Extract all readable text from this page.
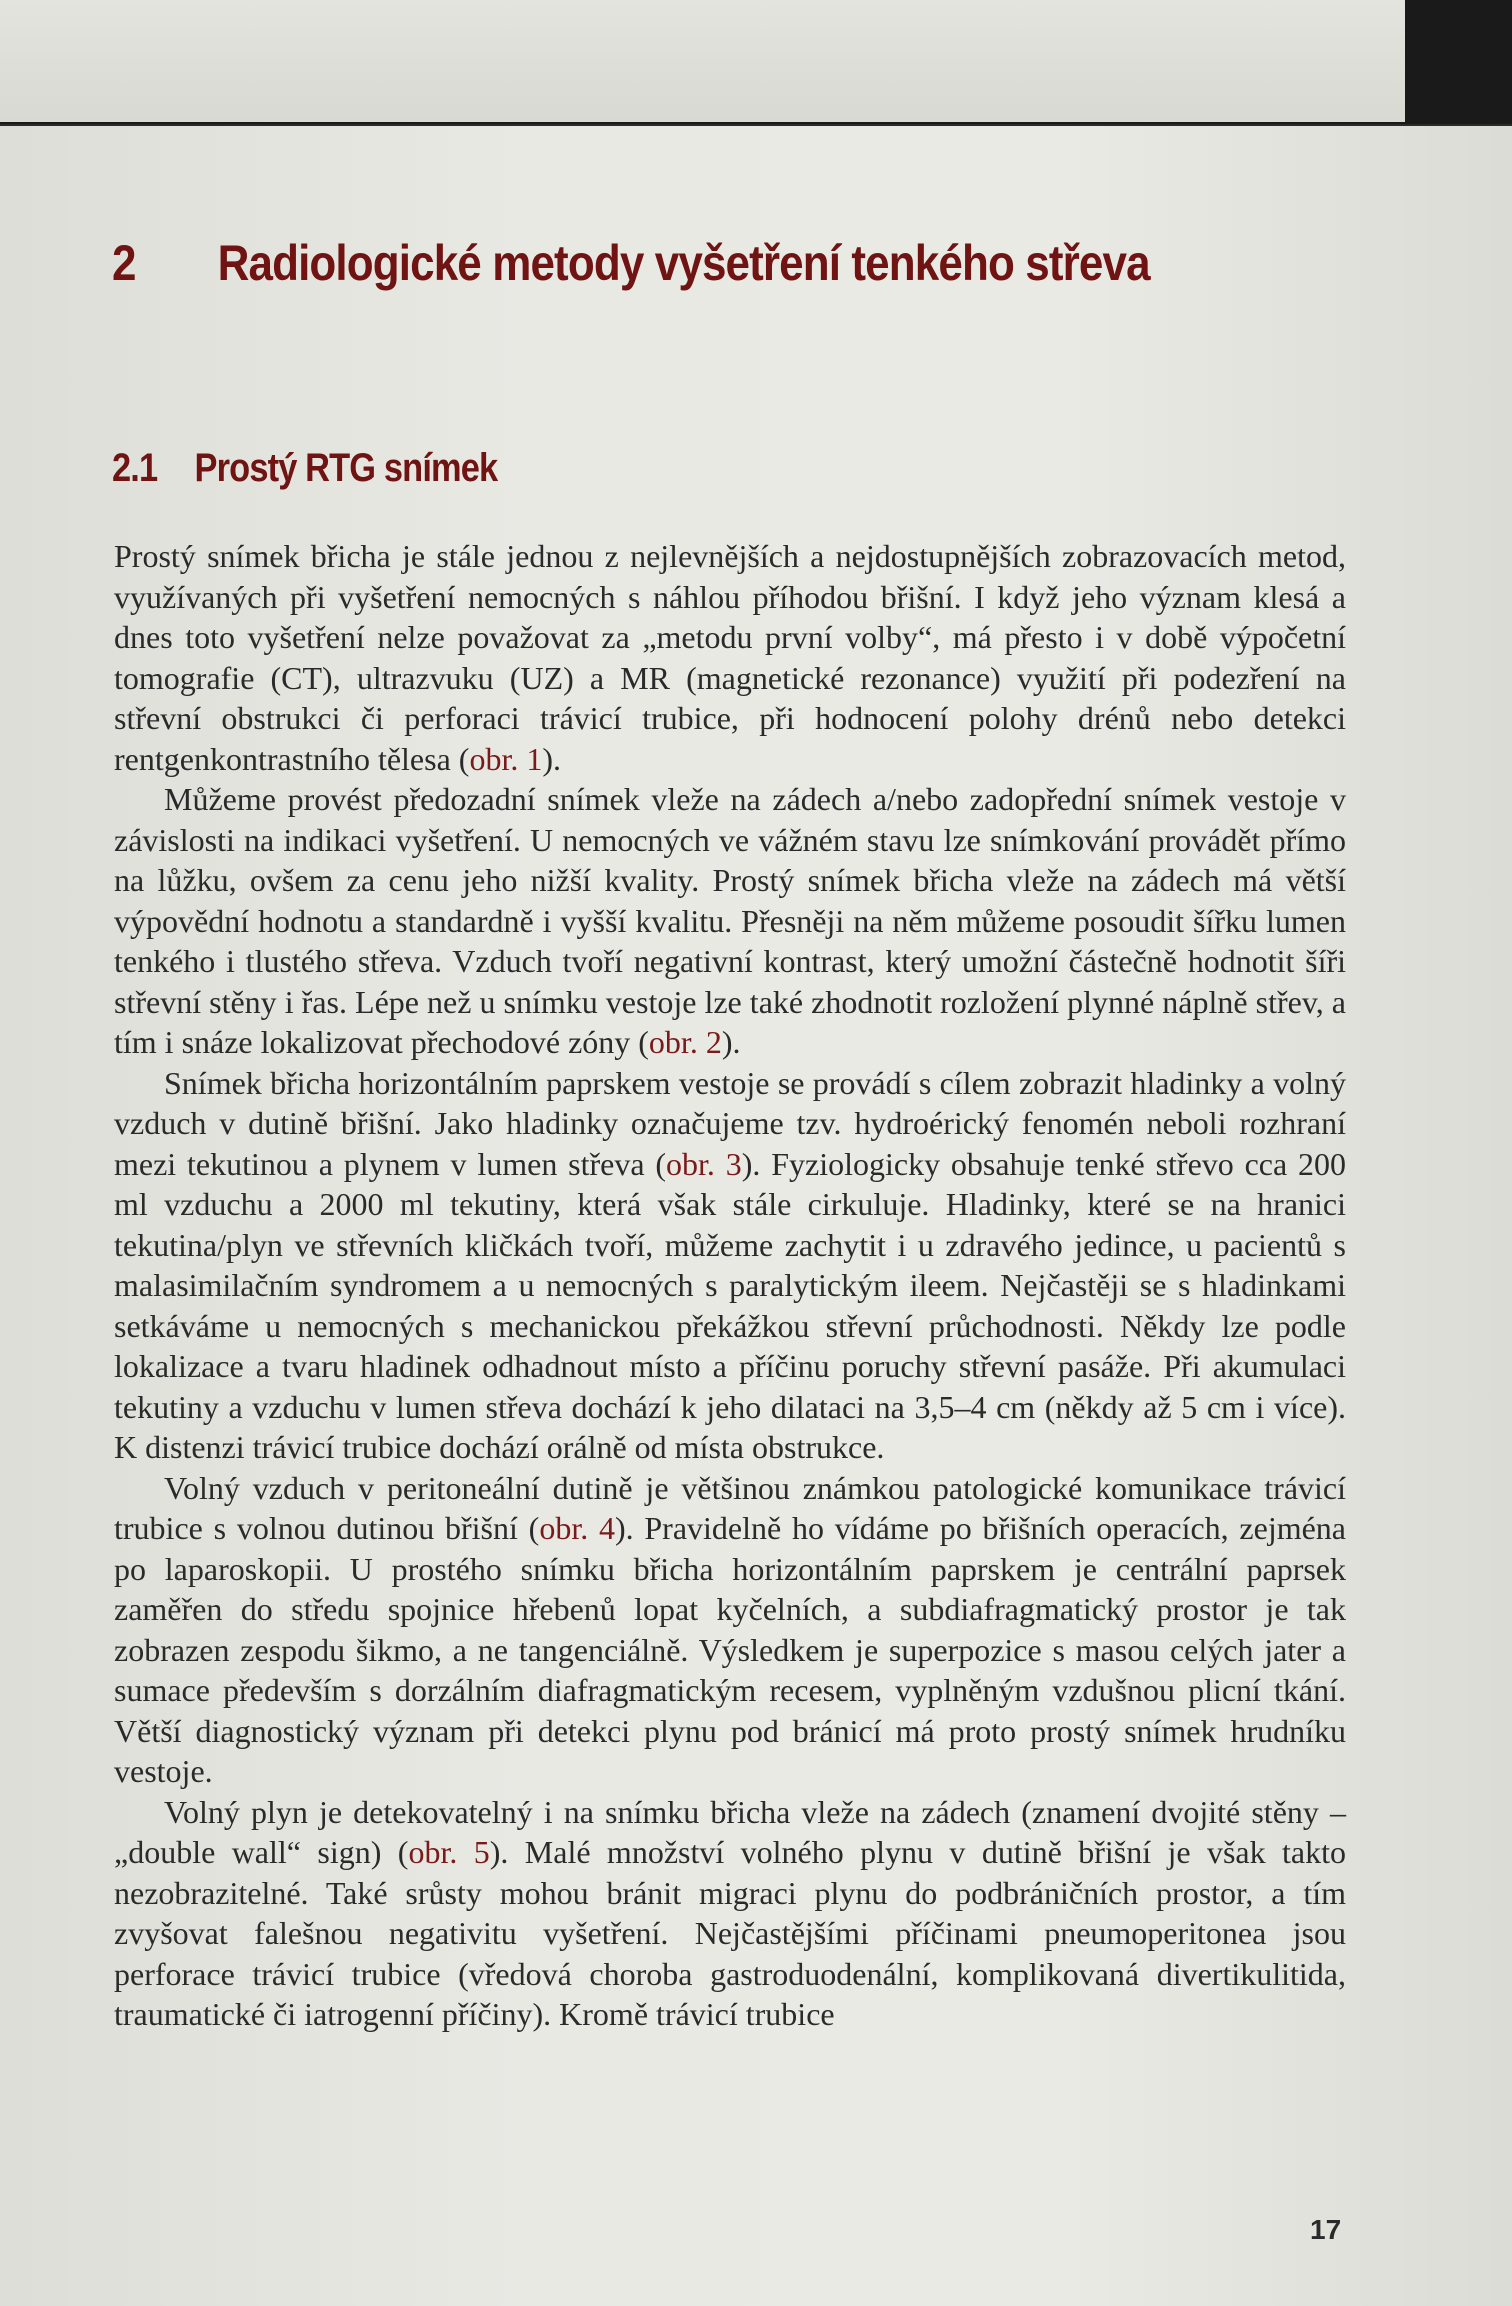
2 Radiologické metody vyšetření tenkého střeva
2.1 Prostý RTG snímek

Prostý snímek břicha je stále jednou z nejlevnějších a nejdostupnějších zobrazovacích metod, využívaných při vyšetření nemocných s náhlou příhodou břišní. I když jeho význam klesá a dnes toto vyšetření nelze považovat za „metodu první volby“, má přesto i v době výpočetní tomografie (CT), ultrazvuku (UZ) a MR (magnetické rezonance) využití při podezření na střevní obstrukci či perforaci trávicí trubice, při hodnocení polohy drénů nebo detekci rentgenkontrastního tělesa (obr. 1).

Můžeme provést předozadní snímek vleže na zádech a/nebo zadopřední snímek vestoje v závislosti na indikaci vyšetření. U nemocných ve vážném stavu lze snímkování provádět přímo na lůžku, ovšem za cenu jeho nižší kvality. Prostý snímek břicha vleže na zádech má větší výpovědní hodnotu a standardně i vyšší kvalitu. Přesněji na něm můžeme posoudit šířku lumen tenkého i tlustého střeva. Vzduch tvoří negativní kontrast, který umožní částečně hodnotit šíři střevní stěny i řas. Lépe než u snímku vestoje lze také zhodnotit rozložení plynné náplně střev, a tím i snáze lokalizovat přechodové zóny (obr. 2).

Snímek břicha horizontálním paprskem vestoje se provádí s cílem zobrazit hladinky a volný vzduch v dutině břišní. Jako hladinky označujeme tzv. hydroérický fenomén neboli rozhraní mezi tekutinou a plynem v lumen střeva (obr. 3). Fyziologicky obsahuje tenké střevo cca 200 ml vzduchu a 2000 ml tekutiny, která však stále cirkuluje. Hladinky, které se na hranici tekutina/plyn ve střevních kličkách tvoří, můžeme zachytit i u zdravého jedince, u pacientů s malasimilačním syndromem a u nemocných s paralytickým ileem. Nejčastěji se s hladinkami setkáváme u nemocných s mechanickou překážkou střevní průchodnosti. Někdy lze podle lokalizace a tvaru hladinek odhadnout místo a příčinu poruchy střevní pasáže. Při akumulaci tekutiny a vzduchu v lumen střeva dochází k jeho dilataci na 3,5–4 cm (někdy až 5 cm i více). K distenzi trávicí trubice dochází orálně od místa obstrukce.

Volný vzduch v peritoneální dutině je většinou známkou patologické komunikace trávicí trubice s volnou dutinou břišní (obr. 4). Pravidelně ho vídáme po břišních operacích, zejména po laparoskopii. U prostého snímku břicha horizontálním paprskem je centrální paprsek zaměřen do středu spojnice hřebenů lopat kyčelních, a subdiafragmatický prostor je tak zobrazen zespodu šikmo, a ne tangenciálně. Výsledkem je superpozice s masou celých jater a sumace především s dorzálním diafragmatickým recesem, vyplněným vzdušnou plicní tkání. Větší diagnostický význam při detekci plynu pod bránicí má proto prostý snímek hrudníku vestoje.

Volný plyn je detekovatelný i na snímku břicha vleže na zádech (znamení dvojité stěny – „double wall“ sign) (obr. 5). Malé množství volného plynu v dutině břišní je však takto nezobrazitelné. Také srůsty mohou bránit migraci plynu do podbráničních prostor, a tím zvyšovat falešnou negativitu vyšetření. Nejčastějšími příčinami pneumoperitonea jsou perforace trávicí trubice (vředová choroba gastroduodenální, komplikovaná divertikulitida, traumatické či iatrogenní příčiny). Kromě trávicí trubice

17
